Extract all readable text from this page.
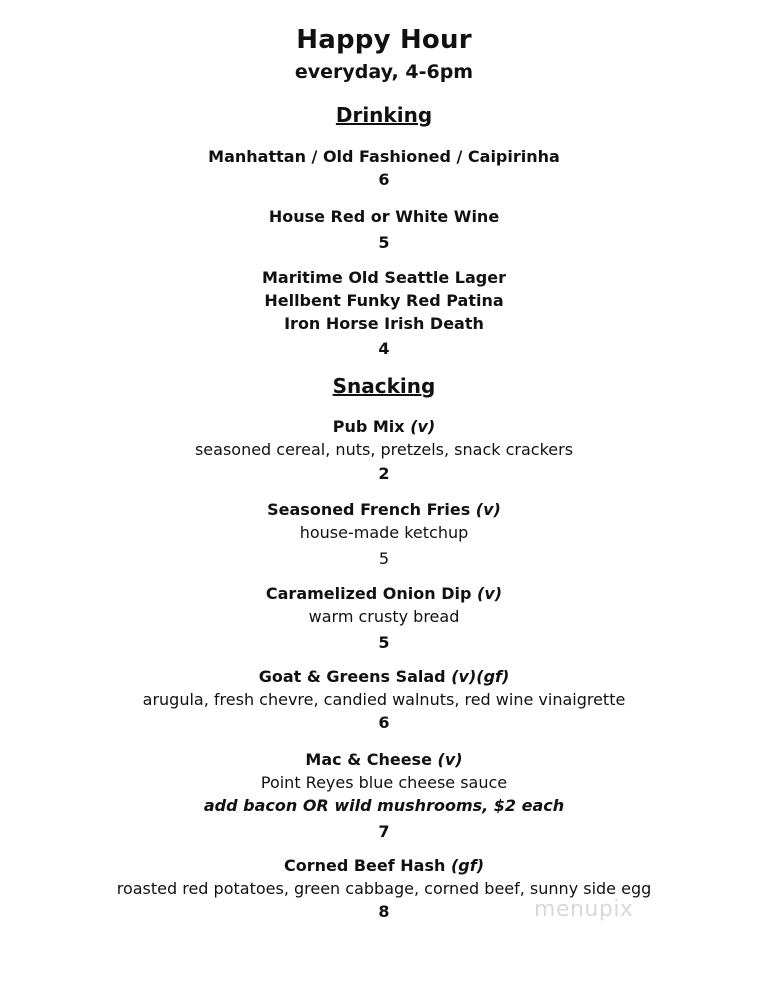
Happy Hour
everyday, 4-6pm
Drinking
Manhattan / Old Fashioned / Caipirinha
6
House Red or White Wine
5
Maritime Old Seattle Lager
Hellbent Funky Red Patina
Iron Horse Irish Death
4
Snacking
Pub Mix (v)
seasoned cereal, nuts, pretzels, snack crackers
2
Seasoned French Fries (v)
house-made ketchup
5
Caramelized Onion Dip (v)
warm crusty bread
5
Goat & Greens Salad (v)(gf)
arugula, fresh chevre, candied walnuts, red wine vinaigrette
6
Mac & Cheese (v)
Point Reyes blue cheese sauce
add bacon OR wild mushrooms, $2 each
7
Corned Beef Hash (gf)
roasted red potatoes, green cabbage, corned beef, sunny side egg
8	menupix
